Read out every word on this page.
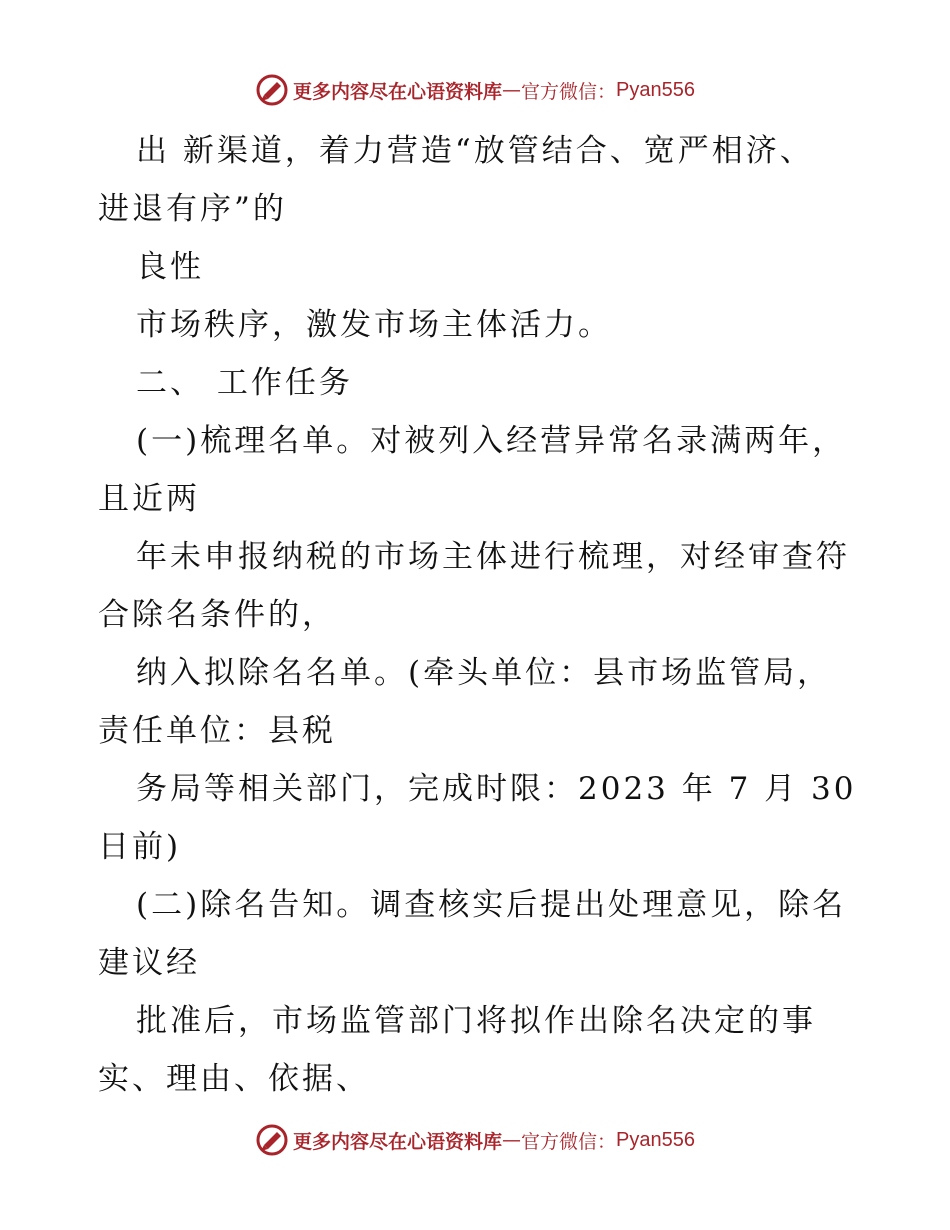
更多内容尽在心语资料库 — 官方微信： Pyan556
出 新渠道，着力营造“放管结合、宽严相济、
进退有序”的
良性
市场秩序，激发市场主体活力。
二、 工作任务
(一)梳理名单。对被列入经营异常名录满两年，
且近两
年未申报纳税的市场主体进行梳理，对经审查符
合除名条件的，
纳入拟除名名单。(牵头单位：县市场监管局，
责任单位：县税
务局等相关部门，完成时限：2023 年 7 月 30
日前)
(二)除名告知。调查核实后提出处理意见，除名
建议经
批准后，市场监管部门将拟作出除名决定的事
实、理由、依据、
更多内容尽在心语资料库 — 官方微信： Pyan556
